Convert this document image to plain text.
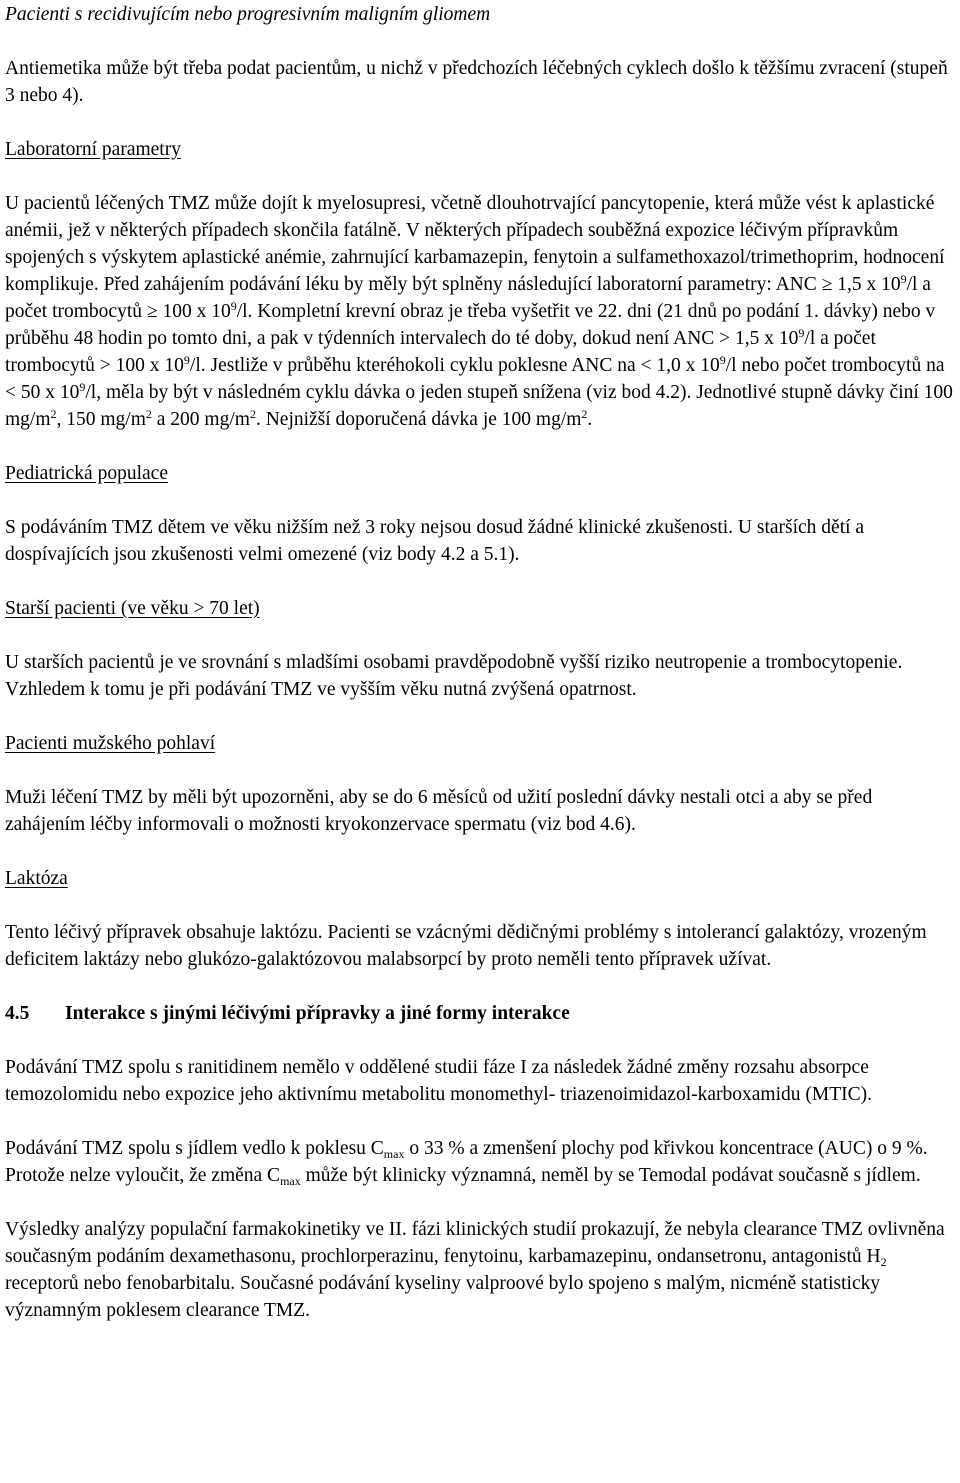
Pacienti s recidivujícím nebo progresivním maligním gliomem

Antiemetika může být třeba podat pacientům, u nichž v předchozích léčebných cyklech došlo k těžšímu zvracení (stupeň 3 nebo 4).

Laboratorní parametry

U pacientů léčených TMZ může dojít k myelosupresi, včetně dlouhotrvající pancytopenie, která může vést k aplastické anémii, jež v některých případech skončila fatálně. V některých případech souběžná expozice léčivým přípravkům spojených s výskytem aplastické anémie, zahrnující karbamazepin, fenytoin a sulfamethoxazol/trimethoprim, hodnocení komplikuje. Před zahájením podávání léku by měly být splněny následující laboratorní parametry: ANC ≥ 1,5 x $10^9/l$ a počet trombocytů ≥ 100 x $10^9/l$. Kompletní krevní obraz je třeba vyšetřit ve 22. dni (21 dnů po podání 1. dávky) nebo v průběhu 48 hodin po tomto dni, a pak v týdenních intervalech do té doby, dokud není ANC > 1,5 x $10^9/l$ a počet trombocytů > 100 x $10^9/l$. Jestliže v průběhu kteréhokoli cyklu poklesne ANC na < 1,0 x $10^9/l$ nebo počet trombocytů na < 50 x $10^9/l$, měla by být v následném cyklu dávka o jeden stupeň snížena (viz bod 4.2). Jednotlivé stupně dávky činí 100 $mg/m^2$, 150 $mg/m^2$ a 200 $mg/m^2$. Nejnižší doporučená dávka je 100 $mg/m^2$.

Pediatrická populace

S podáváním TMZ dětem ve věku nižším než 3 roky nejsou dosud žádné klinické zkušenosti. U starších dětí a dospívajících jsou zkušenosti velmi omezené (viz body 4.2 a 5.1).

Starší pacienti (ve věku > 70 let)

U starších pacientů je ve srovnání s mladšími osobami pravděpodobně vyšší riziko neutropenie a trombocytopenie. Vzhledem k tomu je při podávání TMZ ve vyšším věku nutná zvýšená opatrnost.

Pacienti mužského pohlaví

Muži léčení TMZ by měli být upozorněni, aby se do 6 měsíců od užití poslední dávky nestali otci a aby se před zahájením léčby informovali o možnosti kryokonzervace spermatu (viz bod 4.6).

Laktóza

Tento léčivý přípravek obsahuje laktózu. Pacienti se vzácnými dědičnými problémy s intolerancí galaktózy, vrozeným deficitem laktázy nebo glukózo-galaktózovou malabsorpcí by proto neměli tento přípravek užívat.

4.5 Interakce s jinými léčivými přípravky a jiné formy interakce

Podávání TMZ spolu s ranitidinem nemělo v oddělené studii fáze I za následek žádné změny rozsahu absorpce temozolomidu nebo expozice jeho aktivnímu metabolitu monomethyl- triazenoimidazol-karboxamidu (MTIC).

Podávání TMZ spolu s jídlem vedlo k poklesu $C_{max}$ o 33 % a zmenšení plochy pod křivkou koncentrace (AUC) o 9 %.

Protože nelze vyloučit, že změna $C_{max}$ může být klinicky významná, neměl by se Temodal podávat současně s jídlem.

Výsledky analýzy populační farmakokinetiky ve II. fázi klinických studií prokazují, že nebyla clearance TMZ ovlivněna současným podáním dexamethasonu, prochlorperazinu, fenytoinu, karbamazepinu, ondansetronu, antagonistů $H_2$ receptorů nebo fenobarbitalu. Současné podávání kyseliny valproové bylo spojeno s malým, nicméně statisticky významným poklesem clearance TMZ.
